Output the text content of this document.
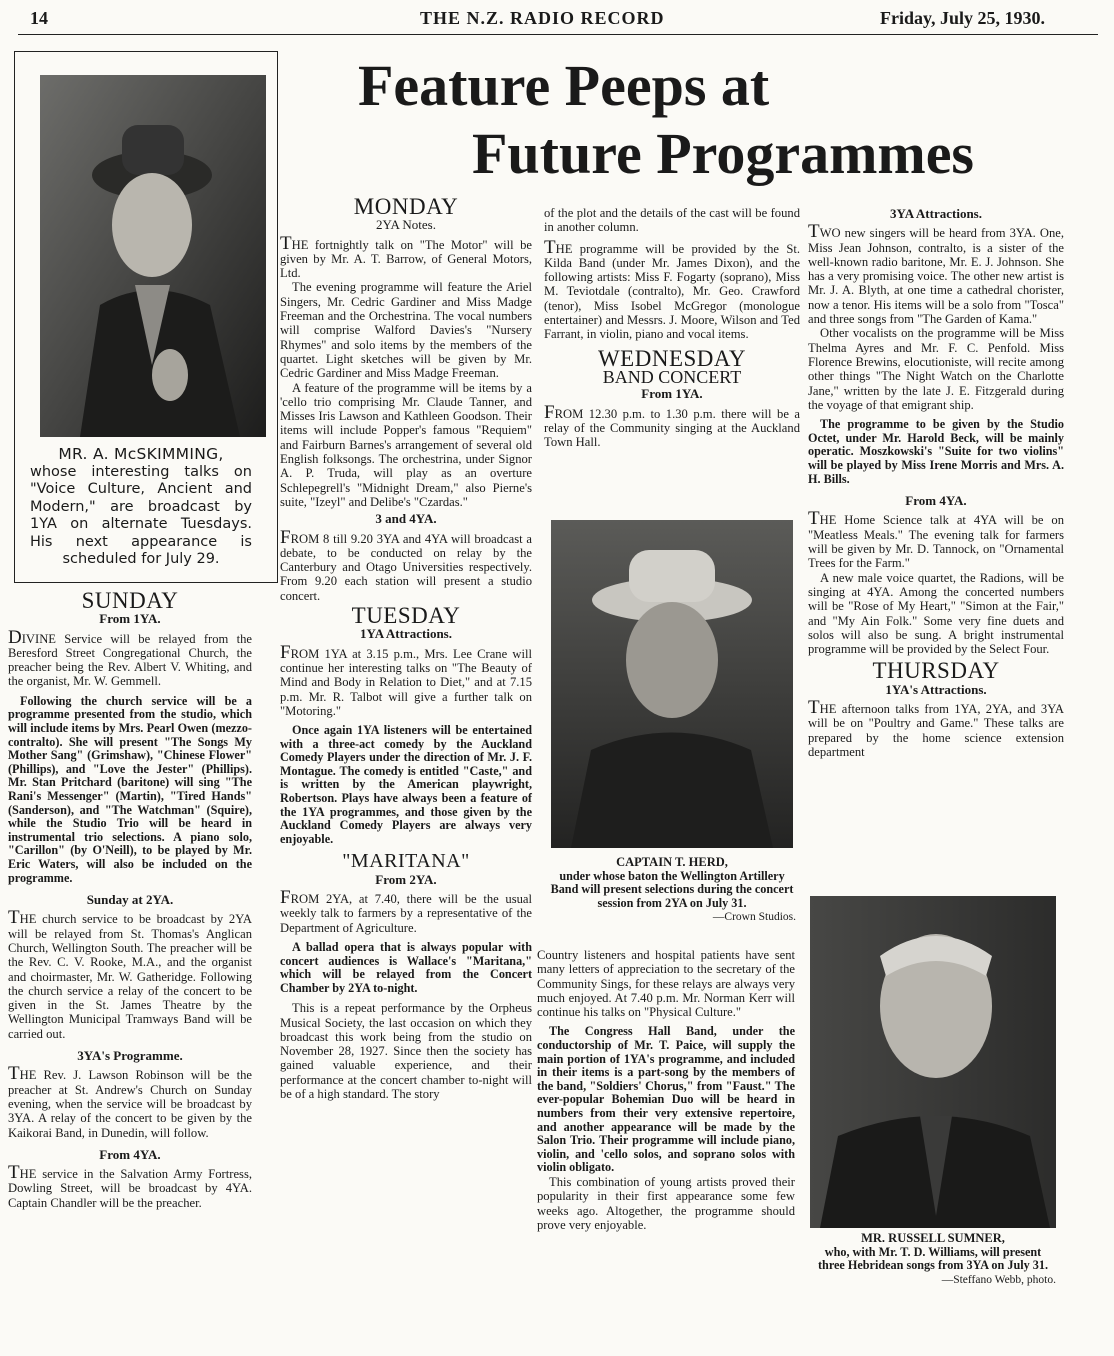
14	THE N.Z. RADIO RECORD	Friday, July 25, 1930.
Feature Peeps at
Future Programmes
MR. A. McSKIMMING,
whose interesting talks on "Voice Culture, Ancient and Modern," are broadcast by 1YA on alternate Tuesdays. His next appearance is scheduled for July 29.
SUNDAY
From 1YA.

DIVINE Service will be relayed from the Beresford Street Congregational Church, the preacher being the Rev. Albert V. Whiting, and the organist, Mr. W. Gemmell.

Following the church service will be a programme presented from the studio, which will include items by Mrs. Pearl Owen (mezzo-contralto). She will present "The Songs My Mother Sang" (Grimshaw), "Chinese Flower" (Phillips), and "Love the Jester" (Phillips). Mr. Stan Pritchard (baritone) will sing "The Rani's Messenger" (Martin), "Tired Hands" (Sanderson), and "The Watchman" (Squire), while the Studio Trio will be heard in instrumental trio selections. A piano solo, "Carillon" (by O'Neill), to be played by Mr. Eric Waters, will also be included on the programme.

Sunday at 2YA.

THE church service to be broadcast by 2YA will be relayed from St. Thomas's Anglican Church, Wellington South. The preacher will be the Rev. C. V. Rooke, M.A., and the organist and choirmaster, Mr. W. Gatheridge. Following the church service a relay of the concert to be given in the St. James Theatre by the Wellington Municipal Tramways Band will be carried out.

3YA's Programme.

THE Rev. J. Lawson Robinson will be the preacher at St. Andrew's Church on Sunday evening, when the service will be broadcast by 3YA. A relay of the concert to be given by the Kaikorai Band, in Dunedin, will follow.

From 4YA.

THE service in the Salvation Army Fortress, Dowling Street, will be broadcast by 4YA. Captain Chandler will be the preacher.

MONDAY
2YA Notes.

THE fortnightly talk on "The Motor" will be given by Mr. A. T. Barrow, of General Motors, Ltd.

The evening programme will feature the Ariel Singers, Mr. Cedric Gardiner and Miss Madge Freeman and the Orchestrina. The vocal numbers will comprise Walford Davies's "Nursery Rhymes" and solo items by the members of the quartet. Light sketches will be given by Mr. Cedric Gardiner and Miss Madge Freeman.

A feature of the programme will be items by a 'cello trio comprising Mr. Claude Tanner, and Misses Iris Lawson and Kathleen Goodson. Their items will include Popper's famous "Requiem" and Fairburn Barnes's arrangement of several old English folksongs. The orchestrina, under Signor A. P. Truda, will play as an overture Schlepegrell's "Midnight Dream," also Pierne's suite, "Izeyl" and Delibe's "Czardas."

3 and 4YA.

FROM 8 till 9.20 3YA and 4YA will broadcast a debate, to be conducted on relay by the Canterbury and Otago Universities respectively. From 9.20 each station will present a studio concert.

TUESDAY
1YA Attractions.

FROM 1YA at 3.15 p.m., Mrs. Lee Crane will continue her interesting talks on "The Beauty of Mind and Body in Relation to Diet," and at 7.15 p.m. Mr. R. Talbot will give a further talk on "Motoring."

Once again 1YA listeners will be entertained with a three-act comedy by the Auckland Comedy Players under the direction of Mr. J. F. Montague. The comedy is entitled "Caste," and is written by the American playwright, Robertson. Plays have always been a feature of the 1YA programmes, and those given by the Auckland Comedy Players are always very enjoyable.

"MARITANA"
From 2YA.

FROM 2YA, at 7.40, there will be the usual weekly talk to farmers by a representative of the Department of Agriculture.

A ballad opera that is always popular with concert audiences is Wallace's "Maritana," which will be relayed from the Concert Chamber by 2YA to-night.

This is a repeat performance by the Orpheus Musical Society, the last occasion on which they broadcast this work being from the studio on November 28, 1927. Since then the society has gained valuable experience, and their performance at the concert chamber to-night will be of a high standard. The story

of the plot and the details of the cast will be found in another column.

THE programme will be provided by the St. Kilda Band (under Mr. James Dixon), and the following artists: Miss F. Fogarty (soprano), Miss M. Teviotdale (contralto), Mr. Geo. Crawford (tenor), Miss Isobel McGregor (monologue entertainer) and Messrs. J. Moore, Wilson and Ted Farrant, in violin, piano and vocal items.

WEDNESDAY
BAND CONCERT
From 1YA.

FROM 12.30 p.m. to 1.30 p.m. there will be a relay of the Community singing at the Auckland Town Hall.

CAPTAIN T. HERD,

under whose baton the Wellington Artillery Band will present selections during the concert session from 2YA on July 31.

—Crown Studios.

Country listeners and hospital patients have sent many letters of appreciation to the secretary of the Community Sings, for these relays are always very much enjoyed. At 7.40 p.m. Mr. Norman Kerr will continue his talks on "Physical Culture."

The Congress Hall Band, under the conductorship of Mr. T. Paice, will supply the main portion of 1YA's programme, and included in their items is a part-song by the members of the band, "Soldiers' Chorus," from "Faust." The ever-popular Bohemian Duo will be heard in numbers from their very extensive repertoire, and another appearance will be made by the Salon Trio. Their programme will include piano, violin, and 'cello solos, and soprano solos with violin obligato.

This combination of young artists proved their popularity in their first appearance some few weeks ago. Altogether, the programme should prove very enjoyable.

3YA Attractions.

TWO new singers will be heard from 3YA. One, Miss Jean Johnson, contralto, is a sister of the well-known radio baritone, Mr. E. J. Johnson. She has a very promising voice. The other new artist is Mr. J. A. Blyth, at one time a cathedral chorister, now a tenor. His items will be a solo from "Tosca" and three songs from "The Garden of Kama."

Other vocalists on the programme will be Miss Thelma Ayres and Mr. F. C. Penfold. Miss Florence Brewins, elocutioniste, will recite among other things "The Night Watch on the Charlotte Jane," written by the late J. E. Fitzgerald during the voyage of that emigrant ship.

The programme to be given by the Studio Octet, under Mr. Harold Beck, will be mainly operatic. Moszkowski's "Suite for two violins" will be played by Miss Irene Morris and Mrs. A. H. Bills.

From 4YA.

THE Home Science talk at 4YA will be on "Meatless Meals." The evening talk for farmers will be given by Mr. D. Tannock, on "Ornamental Trees for the Farm."

A new male voice quartet, the Radions, will be singing at 4YA. Among the concerted numbers will be "Rose of My Heart," "Simon at the Fair," and "My Ain Folk." Some very fine duets and solos will also be sung. A bright instrumental programme will be provided by the Select Four.

THURSDAY
1YA's Attractions.

THE afternoon talks from 1YA, 2YA, and 3YA will be on "Poultry and Game." These talks are prepared by the home science extension department

MR. RUSSELL SUMNER,

who, with Mr. T. D. Williams, will present three Hebridean songs from 3YA on July 31.

—Steffano Webb, photo.
